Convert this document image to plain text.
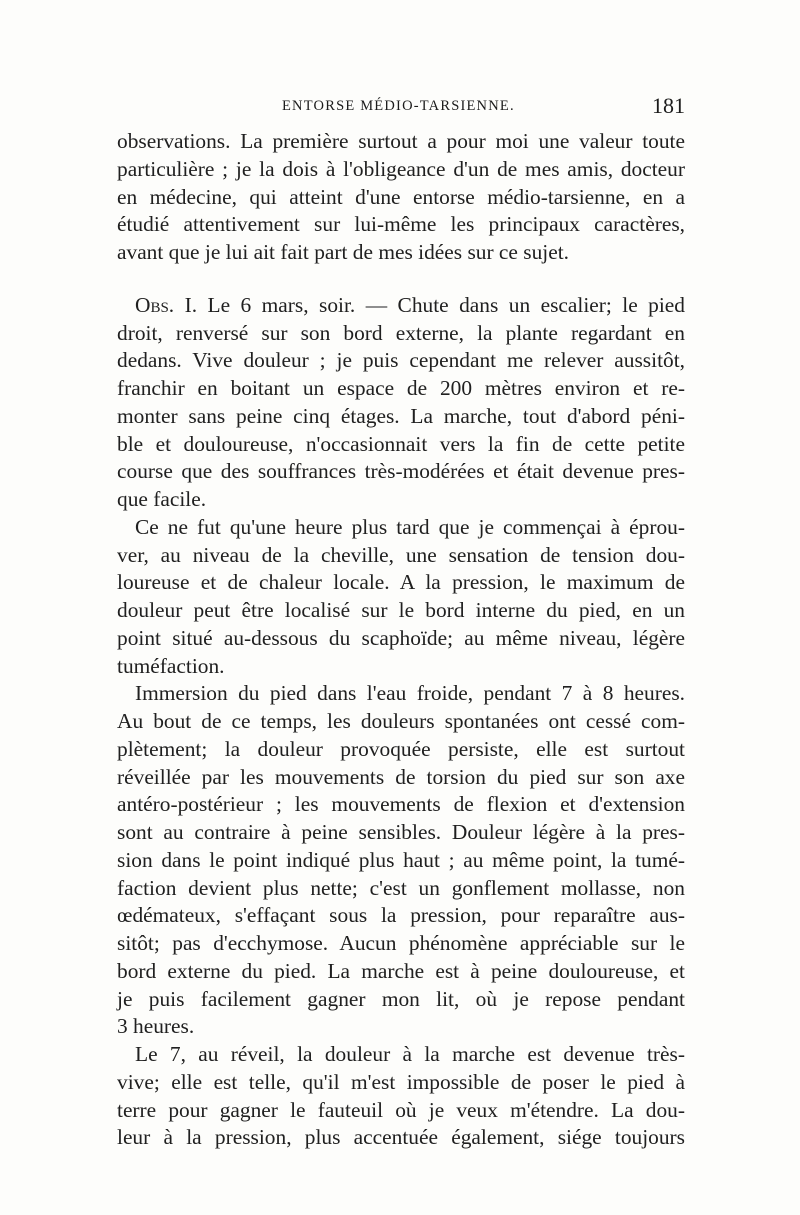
ENTORSE MÉDIO-TARSIENNE.	181
observations. La première surtout a pour moi une valeur toute
particulière ; je la dois à l'obligeance d'un de mes amis, docteur
en médecine, qui atteint d'une entorse médio-tarsienne, en a
étudié attentivement sur lui-même les principaux caractères,
avant que je lui ait fait part de mes idées sur ce sujet.
Obs. I. Le 6 mars, soir. — Chute dans un escalier; le pied
droit, renversé sur son bord externe, la plante regardant en
dedans. Vive douleur ; je puis cependant me relever aussitôt,
franchir en boitant un espace de 200 mètres environ et re-
monter sans peine cinq étages. La marche, tout d'abord péni-
ble et douloureuse, n'occasionnait vers la fin de cette petite
course que des souffrances très-modérées et était devenue pres-
que facile.
Ce ne fut qu'une heure plus tard que je commençai à éprou-
ver, au niveau de la cheville, une sensation de tension dou-
loureuse et de chaleur locale. A la pression, le maximum de
douleur peut être localisé sur le bord interne du pied, en un
point situé au-dessous du scaphoïde; au même niveau, légère
tuméfaction.
Immersion du pied dans l'eau froide, pendant 7 à 8 heures.
Au bout de ce temps, les douleurs spontanées ont cessé com-
plètement; la douleur provoquée persiste, elle est surtout
réveillée par les mouvements de torsion du pied sur son axe
antéro-postérieur ; les mouvements de flexion et d'extension
sont au contraire à peine sensibles. Douleur légère à la pres-
sion dans le point indiqué plus haut ; au même point, la tumé-
faction devient plus nette; c'est un gonflement mollasse, non
œdémateux, s'effaçant sous la pression, pour reparaître aus-
sitôt; pas d'ecchymose. Aucun phénomène appréciable sur le
bord externe du pied. La marche est à peine douloureuse, et
je puis facilement gagner mon lit, où je repose pendant
3 heures.
Le 7, au réveil, la douleur à la marche est devenue très-
vive; elle est telle, qu'il m'est impossible de poser le pied à
terre pour gagner le fauteuil où je veux m'étendre. La dou-
leur à la pression, plus accentuée également, siége toujours
